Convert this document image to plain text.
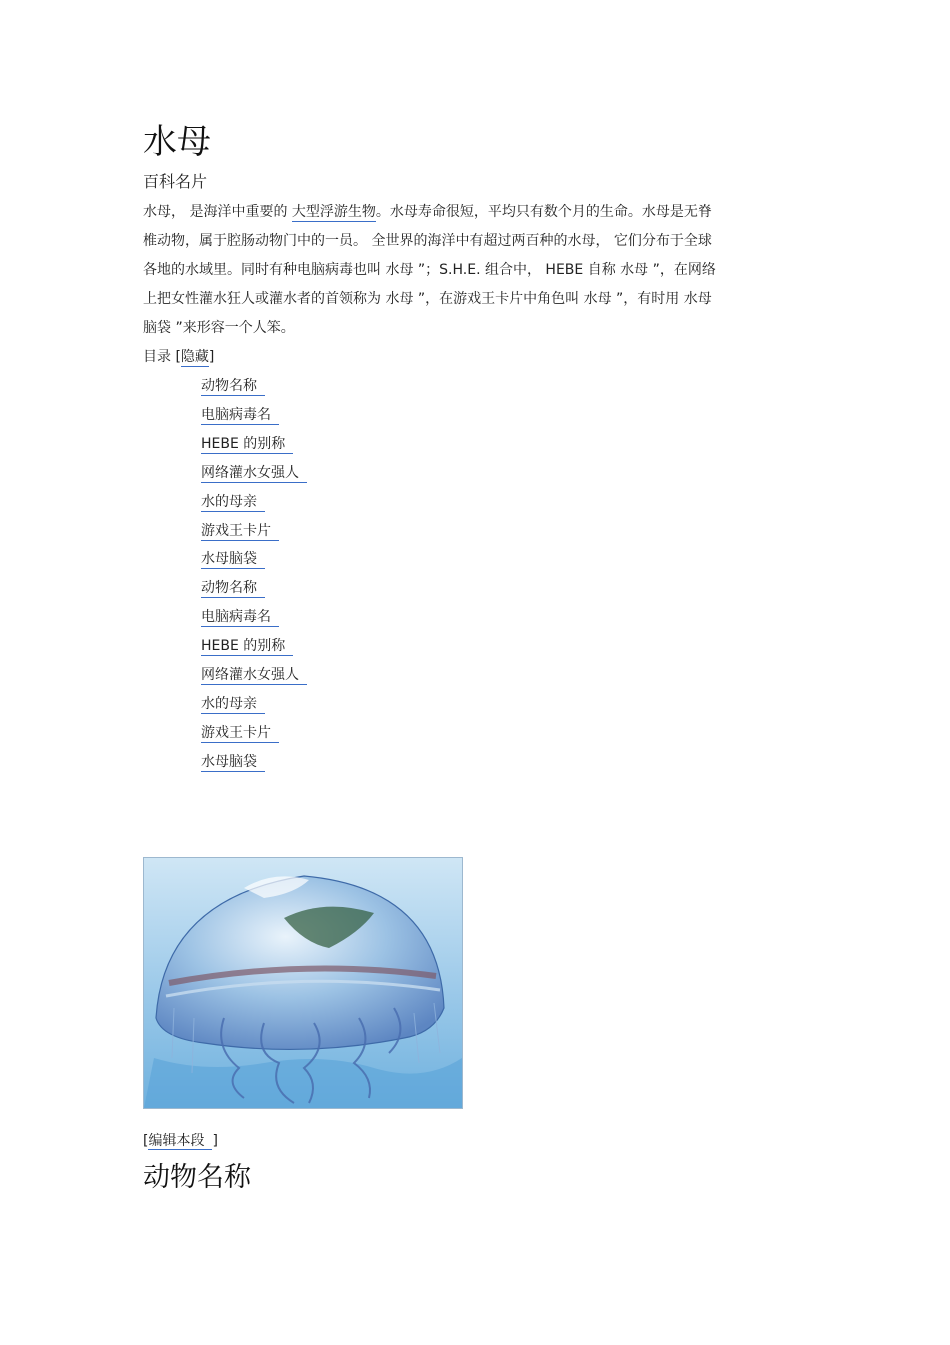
水母
百科名片
水母， 是海洋中重要的 大型浮游生物。水母寿命很短，平均只有数个月的生命。水母是无脊
椎动物，属于腔肠动物门中的一员。 全世界的海洋中有超过两百种的水母， 它们分布于全球
各地的水域里。同时有种电脑病毒也叫 水母 ”；S.H.E. 组合中， HEBE 自称 水母 ”，在网络
上把女性灌水狂人或灌水者的首领称为 水母 ”，在游戏王卡片中角色叫 水母 ”，有时用 水母
脑袋 ”来形容一个人笨。
目录 [隐藏]
动物名称
电脑病毒名
HEBE 的别称
网络灌水女强人
水的母亲
游戏王卡片
水母脑袋
动物名称
电脑病毒名
HEBE 的别称
网络灌水女强人
水的母亲
游戏王卡片
水母脑袋
[编辑本段 ]
动物名称
